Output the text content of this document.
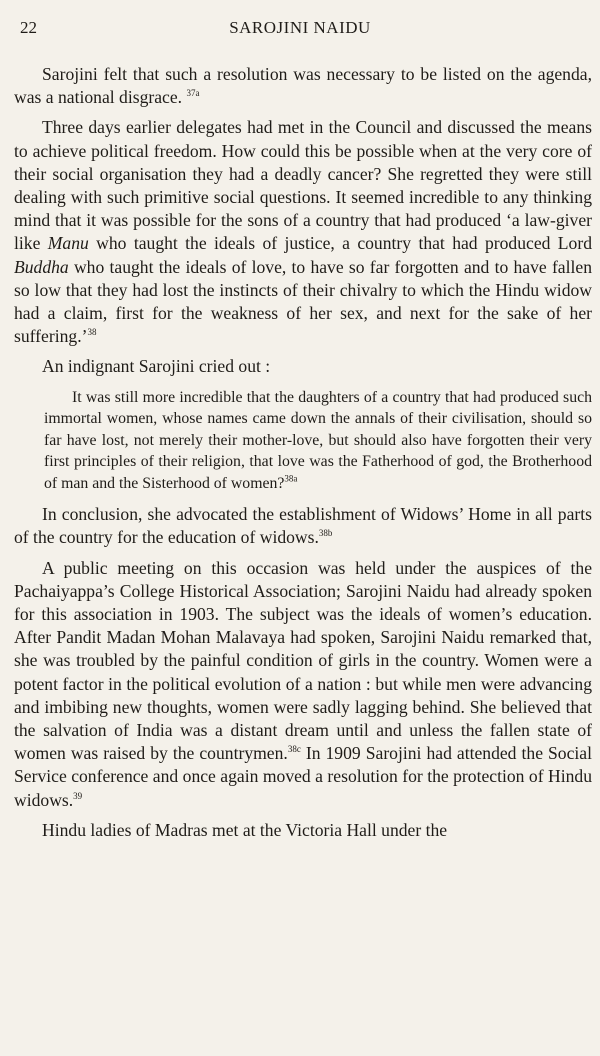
22	SAROJINI NAIDU

Sarojini felt that such a resolution was necessary to be listed on the agenda, was a national disgrace. $^{37a}$

Three days earlier delegates had met in the Council and discussed the means to achieve political freedom. How could this be possible when at the very core of their social organisation they had a deadly cancer? She regretted they were still dealing with such primitive social questions. It seemed incredible to any thinking mind that it was possible for the sons of a country that had produced ‘a law-giver like Manu who taught the ideals of justice, a country that had produced Lord Buddha who taught the ideals of love, to have so far forgotten and to have fallen so low that they had lost the instincts of their chivalry to which the Hindu widow had a claim, first for the weakness of her sex, and next for the sake of her suffering.’$^{38}$

An indignant Sarojini cried out :

It was still more incredible that the daughters of a country that had produced such immortal women, whose names came down the annals of their civilisation, should so far have lost, not merely their mother-love, but should also have forgotten their very first principles of their religion, that love was the Fatherhood of god, the Brotherhood of man and the Sisterhood of women?$^{38a}$

In conclusion, she advocated the establishment of Widows’ Home in all parts of the country for the education of widows.$^{38b}$

A public meeting on this occasion was held under the auspices of the Pachaiyappa’s College Historical Association; Sarojini Naidu had already spoken for this association in 1903. The subject was the ideals of women’s education. After Pandit Madan Mohan Malavaya had spoken, Sarojini Naidu remarked that, she was troubled by the painful condition of girls in the country. Women were a potent factor in the political evolution of a nation : but while men were advancing and imbibing new thoughts, women were sadly lagging behind. She believed that the salvation of India was a distant dream until and unless the fallen state of women was raised by the countrymen.$^{38c}$ In 1909 Sarojini had attended the Social Service conference and once again moved a resolution for the protection of Hindu widows.$^{39}$

Hindu ladies of Madras met at the Victoria Hall under the
